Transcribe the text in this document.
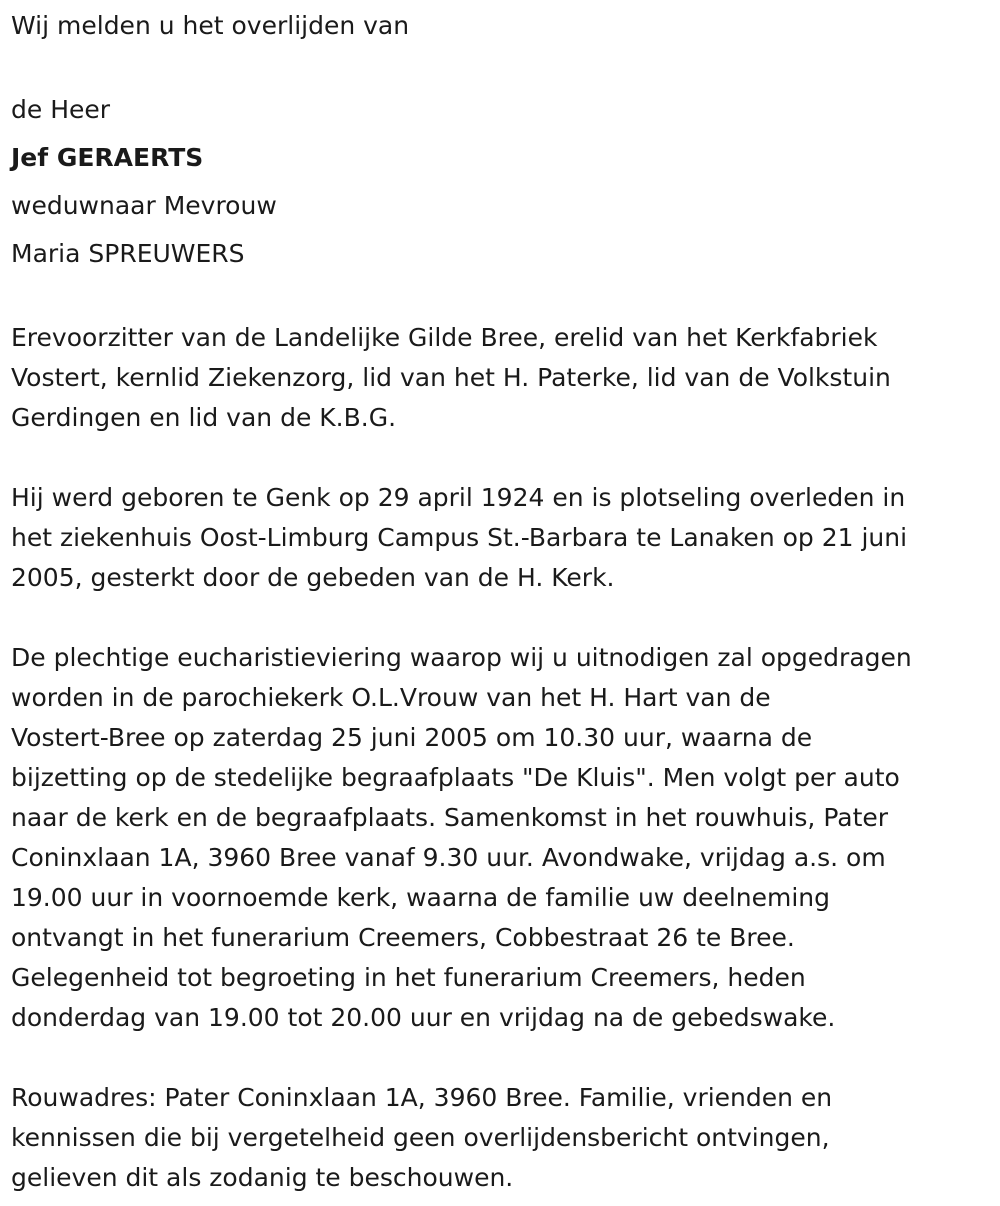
Wij melden u het overlijden van

de Heer

Jef GERAERTS

weduwnaar Mevrouw

Maria SPREUWERS

Erevoorzitter van de Landelijke Gilde Bree, erelid van het Kerkfabriek

Vostert, kernlid Ziekenzorg, lid van het H. Paterke, lid van de Volkstuin

Gerdingen en lid van de K.B.G.

Hij werd geboren te Genk op 29 april 1924 en is plotseling overleden in

het ziekenhuis Oost-Limburg Campus St.-Barbara te Lanaken op 21 juni

2005, gesterkt door de gebeden van de H. Kerk.

De plechtige eucharistieviering waarop wij u uitnodigen zal opgedragen

worden in de parochiekerk O.L.Vrouw van het H. Hart van de

Vostert-Bree op zaterdag 25 juni 2005 om 10.30 uur, waarna de

bijzetting op de stedelijke begraafplaats "De Kluis". Men volgt per auto

naar de kerk en de begraafplaats. Samenkomst in het rouwhuis, Pater

Coninxlaan 1A, 3960 Bree vanaf 9.30 uur. Avondwake, vrijdag a.s. om

19.00 uur in voornoemde kerk, waarna de familie uw deelneming

ontvangt in het funerarium Creemers, Cobbestraat 26 te Bree.

Gelegenheid tot begroeting in het funerarium Creemers, heden

donderdag van 19.00 tot 20.00 uur en vrijdag na de gebedswake.

Rouwadres: Pater Coninxlaan 1A, 3960 Bree. Familie, vrienden en

kennissen die bij vergetelheid geen overlijdensbericht ontvingen,

gelieven dit als zodanig te beschouwen.
